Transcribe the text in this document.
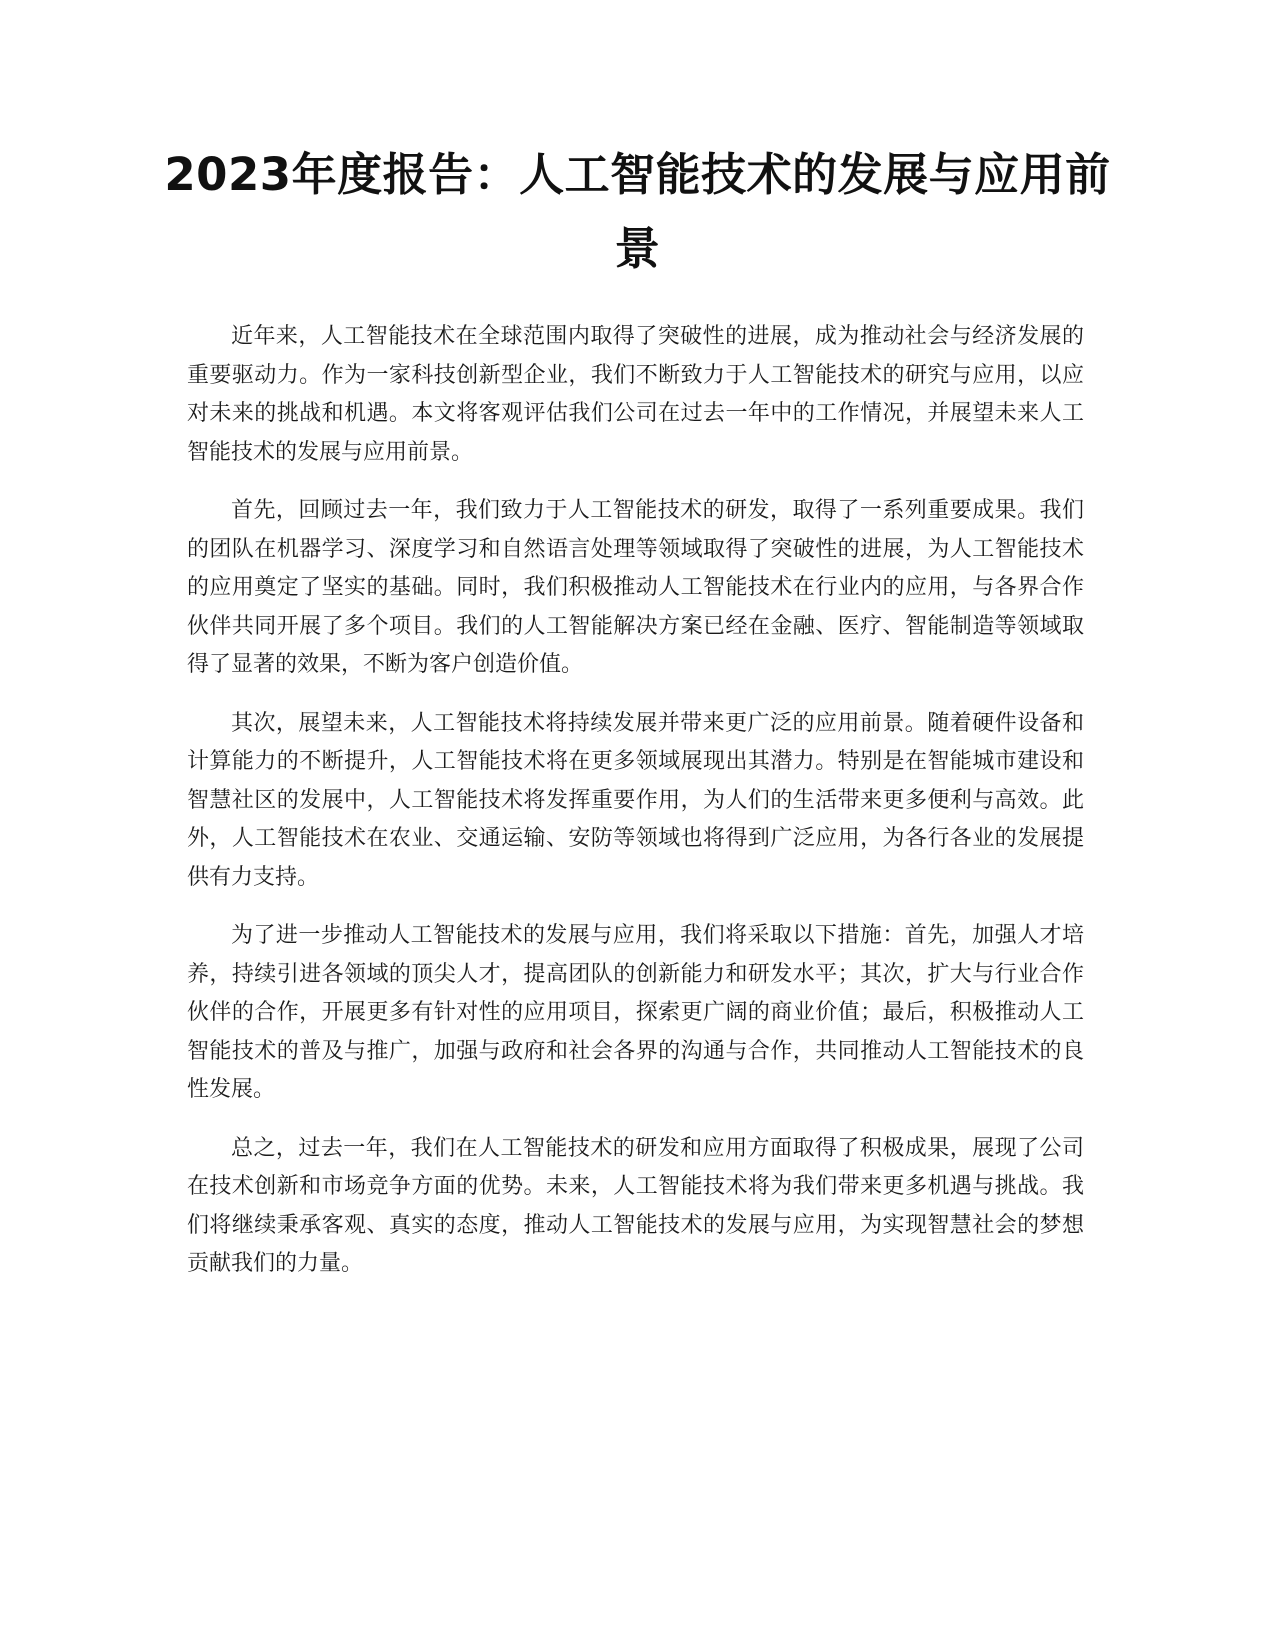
2023年度报告：人工智能技术的发展与应用前景

近年来，人工智能技术在全球范围内取得了突破性的进展，成为推动社会与经济发展的重要驱动力。作为一家科技创新型企业，我们不断致力于人工智能技术的研究与应用，以应对未来的挑战和机遇。本文将客观评估我们公司在过去一年中的工作情况，并展望未来人工智能技术的发展与应用前景。

首先，回顾过去一年，我们致力于人工智能技术的研发，取得了一系列重要成果。我们的团队在机器学习、深度学习和自然语言处理等领域取得了突破性的进展，为人工智能技术的应用奠定了坚实的基础。同时，我们积极推动人工智能技术在行业内的应用，与各界合作伙伴共同开展了多个项目。我们的人工智能解决方案已经在金融、医疗、智能制造等领域取得了显著的效果，不断为客户创造价值。

其次，展望未来，人工智能技术将持续发展并带来更广泛的应用前景。随着硬件设备和计算能力的不断提升，人工智能技术将在更多领域展现出其潜力。特别是在智能城市建设和智慧社区的发展中，人工智能技术将发挥重要作用，为人们的生活带来更多便利与高效。此外，人工智能技术在农业、交通运输、安防等领域也将得到广泛应用，为各行各业的发展提供有力支持。

为了进一步推动人工智能技术的发展与应用，我们将采取以下措施：首先，加强人才培养，持续引进各领域的顶尖人才，提高团队的创新能力和研发水平；其次，扩大与行业合作伙伴的合作，开展更多有针对性的应用项目，探索更广阔的商业价值；最后，积极推动人工智能技术的普及与推广，加强与政府和社会各界的沟通与合作，共同推动人工智能技术的良性发展。

总之，过去一年，我们在人工智能技术的研发和应用方面取得了积极成果，展现了公司在技术创新和市场竞争方面的优势。未来，人工智能技术将为我们带来更多机遇与挑战。我们将继续秉承客观、真实的态度，推动人工智能技术的发展与应用，为实现智慧社会的梦想贡献我们的力量。
